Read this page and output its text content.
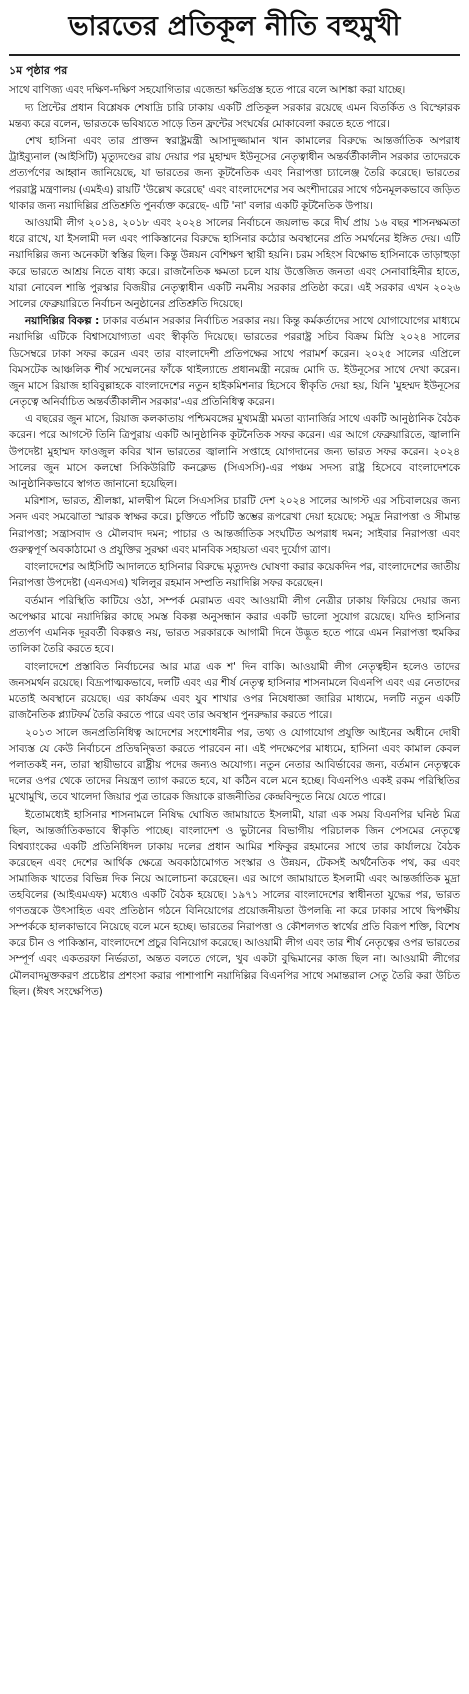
ভারতের প্রতিকূল নীতি বহুমুখী
১ম পৃষ্ঠার পর

সাথে বাণিজ্য এবং দক্ষিণ-দক্ষিণ সহযোগিতার এজেন্ডা ক্ষতিগ্রস্ত হতে পারে বলে আশঙ্কা করা যাচ্ছে।

দ্য প্রিন্টের প্রধান বিশ্লেষক শেষাদ্রি চারি ঢাকায় একটি প্রতিকূল সরকার রয়েছে এমন বিতর্কিত ও বিস্ফোরক মন্তব্য করে বলেন, ভারতকে ভবিষ্যতে সাড়ে তিন ফ্রন্টের সংঘর্ষের মোকাবেলা করতে হতে পারে।

শেখ হাসিনা এবং তার প্রাক্তন স্বরাষ্ট্রমন্ত্রী আসাদুজ্জামান খান কামালের বিরুদ্ধে আন্তর্জাতিক অপরাধ ট্রাইব্যুনাল (আইসিটি) মৃত্যুদণ্ডের রায় দেয়ার পর মুহাম্মদ ইউনূসের নেতৃত্বাধীন অন্তর্বর্তীকালীন সরকার তাদেরকে প্রত্যর্পণের আহ্বান জানিয়েছে, যা ভারতের জন্য কূটনৈতিক এবং নিরাপত্তা চ্যালেঞ্জ তৈরি করেছে। ভারতের পররাষ্ট্র মন্ত্রণালয় (এমইএ) রায়টি 'উল্লেখ করেছে' এবং বাংলাদেশের সব অংশীদারের সাথে গঠনমূলকভাবে জড়িত থাকার জন্য নয়াদিল্লির প্রতিশ্রুতি পুনর্ব্যক্ত করেছে- এটি 'না' বলার একটি কূটনৈতিক উপায়।

আওয়ামী লীগ ২০১৪, ২০১৮ এবং ২০২৪ সালের নির্বাচনে জয়লাভ করে দীর্ঘ প্রায় ১৬ বছর শাসনক্ষমতা ধরে রাখে, যা ইসলামী দল এবং পাকিস্তানের বিরুদ্ধে হাসিনার কঠোর অবস্থানের প্রতি সমর্থনের ইঙ্গিত দেয়। এটি নয়াদিল্লির জন্য অনেকটা স্বস্তির ছিল। কিন্তু উন্নয়ন বেশিক্ষণ স্থায়ী হয়নি। চরম সহিংস বিক্ষোভ হাসিনাকে তাড়াহুড়া করে ভারতে আশ্রয় নিতে বাধ্য করে। রাজনৈতিক ক্ষমতা চলে যায় উত্তেজিত জনতা এবং সেনাবাহিনীর হাতে, যারা নোবেল শান্তি পুরস্কার বিজয়ীর নেতৃত্বাধীন একটি নমনীয় সরকার প্রতিষ্ঠা করে। এই সরকার এখন ২০২৬ সালের ফেব্রুয়ারিতে নির্বাচন অনুষ্ঠানের প্রতিশ্রুতি দিয়েছে।

নয়াদিল্লির বিকল্প : ঢাকার বর্তমান সরকার নির্বাচিত সরকার নয়। কিন্তু কর্মকর্তাদের সাথে যোগাযোগের মাধ্যমে নয়াদিল্লি এটিকে বিশ্বাসযোগ্যতা এবং স্বীকৃতি দিয়েছে। ভারতের পররাষ্ট্র সচিব বিক্রম মিস্রি ২০২৪ সালের ডিসেম্বরে ঢাকা সফর করেন এবং তার বাংলাদেশী প্রতিপক্ষের সাথে পরামর্শ করেন। ২০২৫ সালের এপ্রিলে বিমসটেক আঞ্চলিক শীর্ষ সম্মেলনের ফাঁকে থাইল্যান্ডে প্রধানমন্ত্রী নরেন্দ্র মোদি ড. ইউনূসের সাথে দেখা করেন। জুন মাসে রিয়াজ হাবিবুল্লাহকে বাংলাদেশের নতুন হাইকমিশনার হিসেবে স্বীকৃতি দেয়া হয়, যিনি 'মুহম্মদ ইউনূসের নেতৃত্বে অনির্বাচিত অন্তর্বর্তীকালীন সরকার'-এর প্রতিনিধিত্ব করেন।

এ বছরের জুন মাসে, রিয়াজ কলকাতায় পশ্চিমবঙ্গের মুখ্যমন্ত্রী মমতা ব্যানার্জির সাথে একটি আনুষ্ঠানিক বৈঠক করেন। পরে আগস্টে তিনি ত্রিপুরায় একটি আনুষ্ঠানিক কূটনৈতিক সফর করেন। এর আগে ফেব্রুয়ারিতে, জ্বালানি উপদেষ্টা মুহাম্মদ ফাওজুল কবির খান ভারতের জ্বালানি সপ্তাহে যোগদানের জন্য ভারত সফর করেন। ২০২৪ সালের জুন মাসে কলম্বো সিকিউরিটি কনক্লেভ (সিএসসি)-এর পঞ্চম সদস্য রাষ্ট্র হিসেবে বাংলাদেশকে আনুষ্ঠানিকভাবে স্বাগত জানানো হয়েছিল।

মরিশাস, ভারত, শ্রীলঙ্কা, মালদ্বীপ মিলে সিএসসির চারটি দেশ ২০২৪ সালের আগস্ট এর সচিবালয়ের জন্য সনদ এবং সমঝোতা স্মারক স্বাক্ষর করে। চুক্তিতে পাঁচটি স্তম্ভের রূপরেখা দেয়া হয়েছে: সমুদ্র নিরাপত্তা ও সীমান্ত নিরাপত্তা; সন্ত্রাসবাদ ও মৌলবাদ দমন; পাচার ও আন্তর্জাতিক সংঘটিত অপরাধ দমন; সাইবার নিরাপত্তা এবং গুরুত্বপূর্ণ অবকাঠামো ও প্রযুক্তির সুরক্ষা এবং মানবিক সহায়তা এবং দুর্যোগ ত্রাণ।

বাংলাদেশের আইসিটি আদালতে হাসিনার বিরুদ্ধে মৃত্যুদণ্ড ঘোষণা করার কয়েকদিন পর, বাংলাদেশের জাতীয় নিরাপত্তা উপদেষ্টা (এনএসএ) খলিলুর রহমান সম্প্রতি নয়াদিল্লি সফর করেছেন।

বর্তমান পরিস্থিতি কাটিয়ে ওঠা, সম্পর্ক মেরামত এবং আওয়ামী লীগ নেত্রীর ঢাকায় ফিরিয়ে দেয়ার জন্য অপেক্ষার মাঝে নয়াদিল্লির কাছে সমস্ত বিকল্প অনুসন্ধান করার একটি ভালো সুযোগ রয়েছে। যদিও হাসিনার প্রত্যর্পণ এমনিক দূরবর্তী বিকল্পও নয়, ভারত সরকারকে আগামী দিনে উদ্ভূত হতে পারে এমন নিরাপত্তা হুমকির তালিকা তৈরি করতে হবে।

বাংলাদেশে প্রস্তাবিত নির্বাচনের আর মাত্র এক শ' দিন বাকি। আওয়ামী লীগ নেতৃত্বহীন হলেও তাদের জনসমর্থন রয়েছে। বিদ্রূপাত্মকভাবে, দলটি এবং এর শীর্ষ নেতৃত্ব হাসিনার শাসনামলে বিএনপি এবং এর নেতাদের মতোই অবস্থানে রয়েছে। এর কার্যক্রম এবং যুব শাখার ওপর নিষেধাজ্ঞা জারির মাধ্যমে, দলটি নতুন একটি রাজনৈতিক প্ল্যাটফর্ম তৈরি করতে পারে এবং তার অবস্থান পুনরুদ্ধার করতে পারে।

২০১৩ সালে জনপ্রতিনিধিত্ব আদেশের সংশোধনীর পর, তথ্য ও যোগাযোগ প্রযুক্তি আইনের অধীনে দোষী সাব্যস্ত যে কেউ নির্বাচনে প্রতিদ্বন্দ্বিতা করতে পারবেন না। এই পদক্ষেপের মাধ্যমে, হাসিনা এবং কামাল কেবল পলাতকই নন, তারা স্থায়ীভাবে রাষ্ট্রীয় পদের জন্যও অযোগ্য। নতুন নেতার আবির্ভাবের জন্য, বর্তমান নেতৃত্বকে দলের ওপর থেকে তাদের নিয়ন্ত্রণ ত্যাগ করতে হবে, যা কঠিন বলে মনে হচ্ছে। বিএনপিও একই রকম পরিস্থিতির মুখোমুখি, তবে খালেদা জিয়ার পুত্র তারেক জিয়াকে রাজনীতির কেন্দ্রবিন্দুতে নিয়ে যেতে পারে।

ইতোমধ্যেই হাসিনার শাসনামলে নিষিদ্ধ ঘোষিত জামায়াতে ইসলামী, যারা এক সময় বিএনপির ঘনিষ্ঠ মিত্র ছিল, আন্তর্জাতিকভাবে স্বীকৃতি পাচ্ছে। বাংলাদেশ ও ভুটানের বিভাগীয় পরিচালক জিন পেসমের নেতৃত্বে বিশ্বব্যাংকের একটি প্রতিনিধিদল ঢাকায় দলের প্রধান আমির শফিকুর রহমানের সাথে তার কার্যালয়ে বৈঠক করেছেন এবং দেশের আর্থিক ক্ষেত্রে অবকাঠামোগত সংস্কার ও উন্নয়ন, টেকসই অর্থনৈতিক পথ, কর এবং সামাজিক খাতের বিভিন্ন দিক নিয়ে আলোচনা করেছেন। এর আগে জামায়াতে ইসলামী এবং আন্তর্জাতিক মুদ্রা তহবিলের (আইএমএফ) মধ্যেও একটি বৈঠক হয়েছে। ১৯৭১ সালের বাংলাদেশের স্বাধীনতা যুদ্ধের পর, ভারত গণতন্ত্রকে উৎসাহিত এবং প্রতিষ্ঠান গঠনে বিনিয়োগের প্রয়োজনীয়তা উপলব্ধি না করে ঢাকার সাথে দ্বিপক্ষীয় সম্পর্ককে হালকাভাবে নিয়েছে বলে মনে হচ্ছে। ভারতের নিরাপত্তা ও কৌশলগত স্বার্থের প্রতি বিরূপ শক্তি, বিশেষ করে চীন ও পাকিস্তান, বাংলাদেশে প্রচুর বিনিয়োগ করেছে। আওয়ামী লীগ এবং তার শীর্ষ নেতৃত্বের ওপর ভারতের সম্পূর্ণ এবং একতরফা নির্ভরতা, অন্তত বলতে গেলে, খুব একটা বুদ্ধিমানের কাজ ছিল না। আওয়ামী লীগের মৌলবাদমুক্তকরণ প্রচেষ্টার প্রশংসা করার পাশাপাশি নয়াদিল্লির বিএনপির সাথে সমান্তরাল সেতু তৈরি করা উচিত ছিল। (ঈষৎ সংক্ষেপিত)
